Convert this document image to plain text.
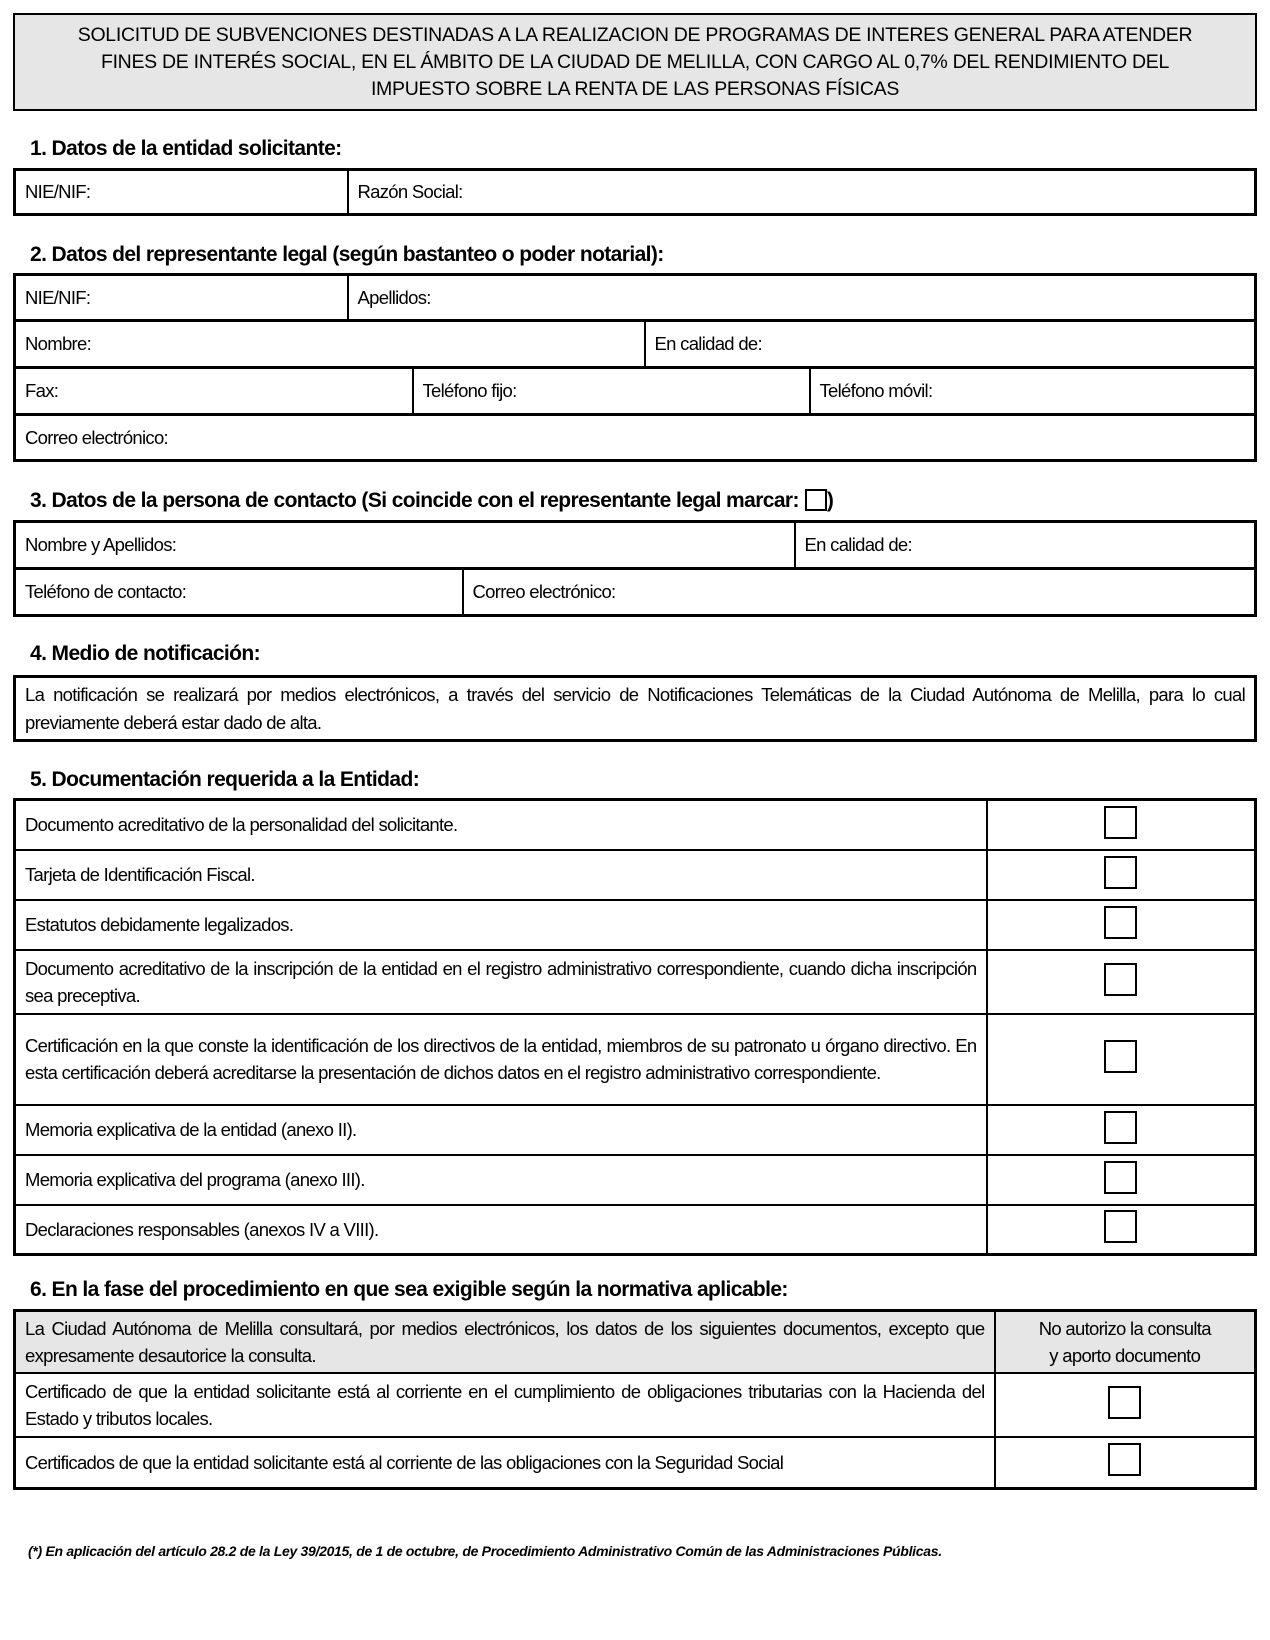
SOLICITUD DE SUBVENCIONES DESTINADAS A LA REALIZACION DE PROGRAMAS DE INTERES GENERAL PARA ATENDER
FINES DE INTERÉS SOCIAL, EN EL ÁMBITO DE LA CIUDAD DE MELILLA, CON CARGO AL 0,7% DEL RENDIMIENTO DEL
IMPUESTO SOBRE LA RENTA DE LAS PERSONAS FÍSICAS
1. Datos de la entidad solicitante:
NIE/NIF:	Razón Social:
2. Datos del representante legal (según bastanteo o poder notarial):
NIE/NIF:	Apellidos:
Nombre:	En calidad de:
Fax:	Teléfono fijo:	Teléfono móvil:
Correo electrónico:
3. Datos de la persona de contacto (Si coincide con el representante legal marcar: )
Nombre y Apellidos:	En calidad de:
Teléfono de contacto:	Correo electrónico:
4. Medio de notificación:
La notificación se realizará por medios electrónicos, a través del servicio de Notificaciones Telemáticas de la Ciudad Autónoma de Melilla, para lo cual previamente deberá estar dado de alta.
5. Documentación requerida a la Entidad:
Documento acreditativo de la personalidad del solicitante.	
Tarjeta de Identificación Fiscal.	
Estatutos debidamente legalizados.	
Documento acreditativo de la inscripción de la entidad en el registro administrativo correspondiente, cuando dicha inscripción sea preceptiva.	
Certificación en la que conste la identificación de los directivos de la entidad, miembros de su patronato u órgano directivo. En esta certificación deberá acreditarse la presentación de dichos datos en el registro administrativo correspondiente.	
Memoria explicativa de la entidad (anexo II).	
Memoria explicativa del programa (anexo III).	
Declaraciones responsables (anexos IV a VIII).	
6. En la fase del procedimiento en que sea exigible según la normativa aplicable:
La Ciudad Autónoma de Melilla consultará, por medios electrónicos, los datos de los siguientes documentos, excepto que expresamente desautorice la consulta.	No autorizo la consulta
y aporto documento

Certificado de que la entidad solicitante está al corriente en el cumplimiento de obligaciones tributarias con la Hacienda del Estado y tributos locales.	
Certificados de que la entidad solicitante está al corriente de las obligaciones con la Seguridad Social	
(*) En aplicación del artículo 28.2 de la Ley 39/2015, de 1 de octubre, de Procedimiento Administrativo Común de las Administraciones Públicas.
